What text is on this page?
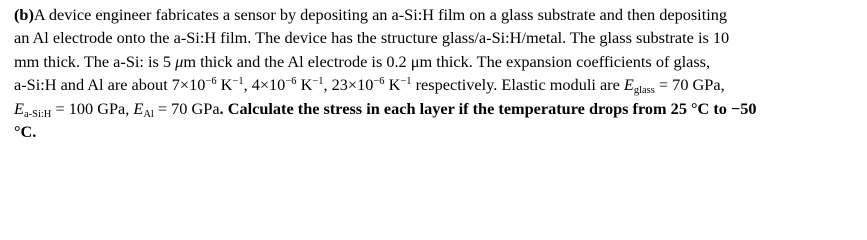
(b)A device engineer fabricates a sensor by depositing an a-Si:H film on a glass substrate and then depositing
an Al electrode onto the a-Si:H film. The device has the structure glass/a-Si:H/metal. The glass substrate is 10
mm thick. The a-Si: is 5 μm thick and the Al electrode is 0.2 μm thick. The expansion coefficients of glass,
a-Si:H and Al are about $7\times 10^{-6}$ $K^{-1}$, $4\times 10^{-6}$ $K^{-1}$, $23\times 10^{-6}$ $K^{-1}$ respectively. Elastic moduli are $E_{glass} = 70$ GPa,
$E_{a-Si:H} = 100$ GPa, $E_{Al} = 70$ GPa. Calculate the stress in each layer if the temperature drops from 25 °C to −50
°C.
